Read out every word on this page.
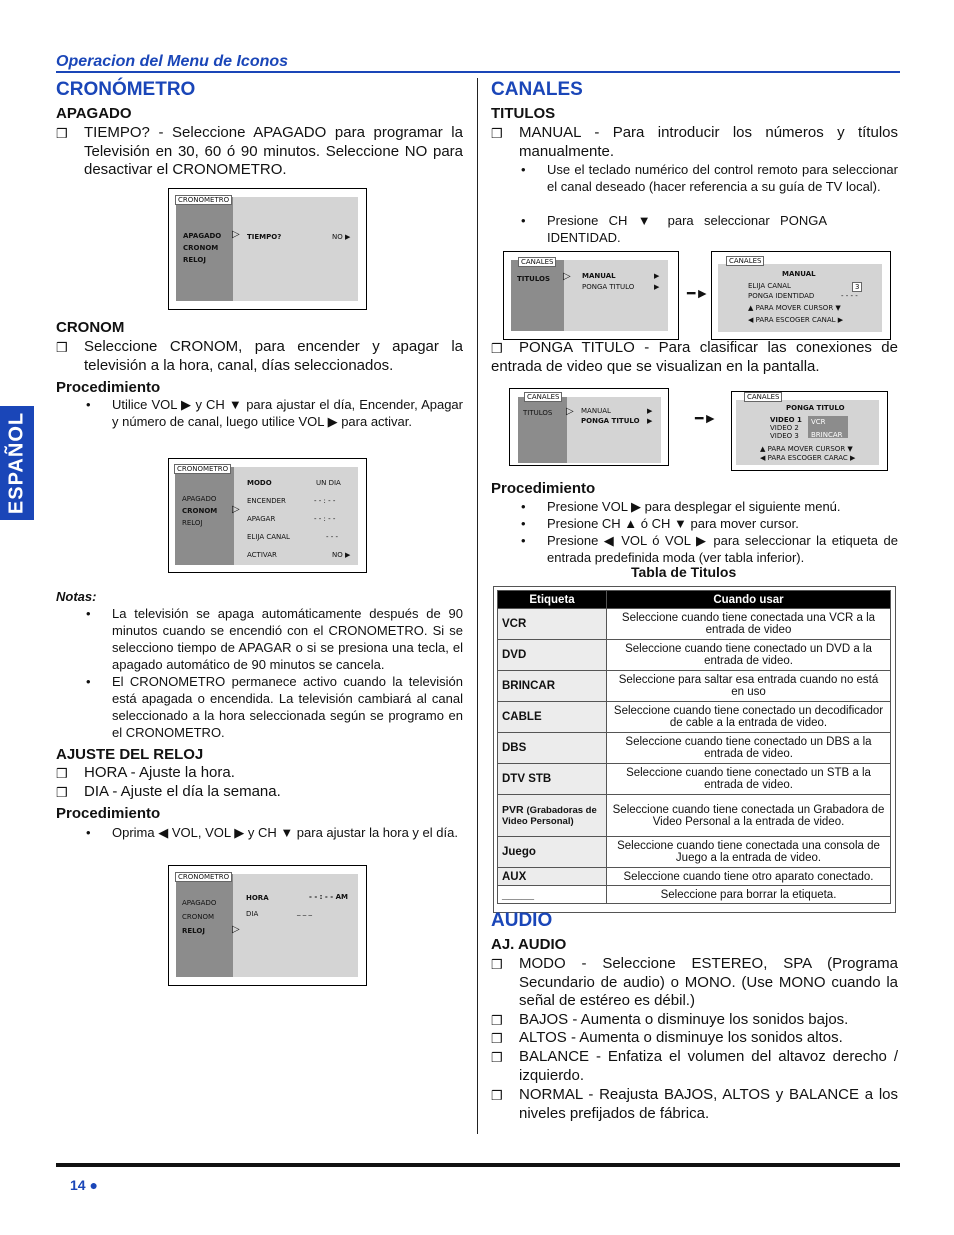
Operacion del Menu de Iconos
ESPAÑOL
CRONÓMETRO
APAGADO
❒ TIEMPO? - Seleccione APAGADO para programar la Televisión en 30, 60 ó 90 minutos. Seleccione NO para desactivar el CRONOMETRO.
CRONOMETRO
APAGADO
CRONOM
RELOJ
▷ TIEMPO?	NO ▶
CRONOM
❒ Seleccione CRONOM, para encender y apagar la televisión a la hora, canal, días seleccionados.
Procedimiento
• Utilice VOL ▶ y CH ▼ para ajustar el día, Encender, Apagar y número de canal, luego utilice VOL ▶ para activar.
CRONOMETRO
APAGADO
CRONOM
RELOJ
▷
MODO
ENCENDER
APAGAR
ELIJA CANAL
ACTIVAR
UN DIA
- - : - -
- - : - -
- - -
NO ▶
Notas:
• La televisión se apaga automáticamente después de 90 minutos cuando se encendió con el CRONOMETRO. Si se selecciono tiempo de APAGAR o si se presiona una tecla, el apagado automático de 90 minutos se cancela.
• El CRONOMETRO permanece activo cuando la televisión está apagada o encendida. La televisión cambiará al canal seleccionado a la hora seleccionada según se programo en el CRONOMETRO.
AJUSTE DEL RELOJ
❒ HORA - Ajuste la hora.
❒ DIA - Ajuste el día la semana.
Procedimiento
• Oprima ◀ VOL, VOL ▶ y CH ▼ para ajustar la hora y el día.
CRONOMETRO
APAGADO
CRONOM
RELOJ	▷
HORA
DIA
- - : - - AM
_ _ _
CANALES
TITULOS
❒ MANUAL - Para introducir los números y títulos manualmente.
• Use el teclado numérico del control remoto para seleccionar el canal deseado (hacer referencia a su guía de TV local).
• Presione CH ▼ para seleccionar PONGA IDENTIDAD.
CANALES
TITULOS ▷ MANUAL
PONGA TITULO
▶
▶ ━►
CANALES
MANUAL
ELIJA CANAL
PONGA IDENTIDAD
▲ PARA MOVER CURSOR ▼
◀ PARA ESCOGER CANAL ▶
3
- - - -
❒	PONGA TITULO - Para clasificar las conexiones de entrada de video que se visualizan en la pantalla.
CANALES
TITULOS ▷ MANUAL
PONGA TITULO
▶
▶	━►
CANALES
PONGA TITULO
VIDEO 1
VIDEO 2
VIDEO 3
VCR
BRINCAR
▲ PARA MOVER CURSOR ▼
◀ PARA ESCOGER CARAC ▶
Procedimiento
• Presione VOL ▶ para desplegar el siguiente menú.
• Presione CH ▲ ó CH ▼ para mover cursor.
• Presione ◀ VOL ó VOL ▶ para seleccionar la etiqueta de entrada predefinida moda (ver tabla inferior).
Tabla de Titulos
Etiqueta	Cuando usar
VCR	Seleccione cuando tiene conectada una VCR a la entrada de video
DVD	Seleccione cuando tiene conectado un DVD a la entrada de video.
BRINCAR	Seleccione para saltar esa entrada cuando no está en uso
CABLE	Seleccione cuando tiene conectado un decodificador de cable a la entrada de video.
DBS	Seleccione cuando tiene conectado un DBS a la entrada de video.
DTV STB	Seleccione cuando tiene conectado un STB a la entrada de video.
PVR (Grabadoras de Video Personal)	Seleccione cuando tiene conectada un Grabadora de Video Personal a la entrada de video.
Juego	Seleccione cuando tiene conectada una consola de Juego a la entrada de video.
AUX	Seleccione cuando tiene otro aparato conectado.
_____	Seleccione para borrar la etiqueta.
AUDIO
AJ. AUDIO
❒ MODO - Seleccione ESTEREO, SPA (Programa Secundario de audio) o MONO. (Use MONO cuando la señal de estéreo es débil.)
❒ BAJOS - Aumenta o disminuye los sonidos bajos.
❒ ALTOS - Aumenta o disminuye los sonidos altos.
❒ BALANCE - Enfatiza el volumen del altavoz derecho / izquierdo.
❒ NORMAL - Reajusta BAJOS, ALTOS y BALANCE a los niveles prefijados de fábrica.
14 ●
